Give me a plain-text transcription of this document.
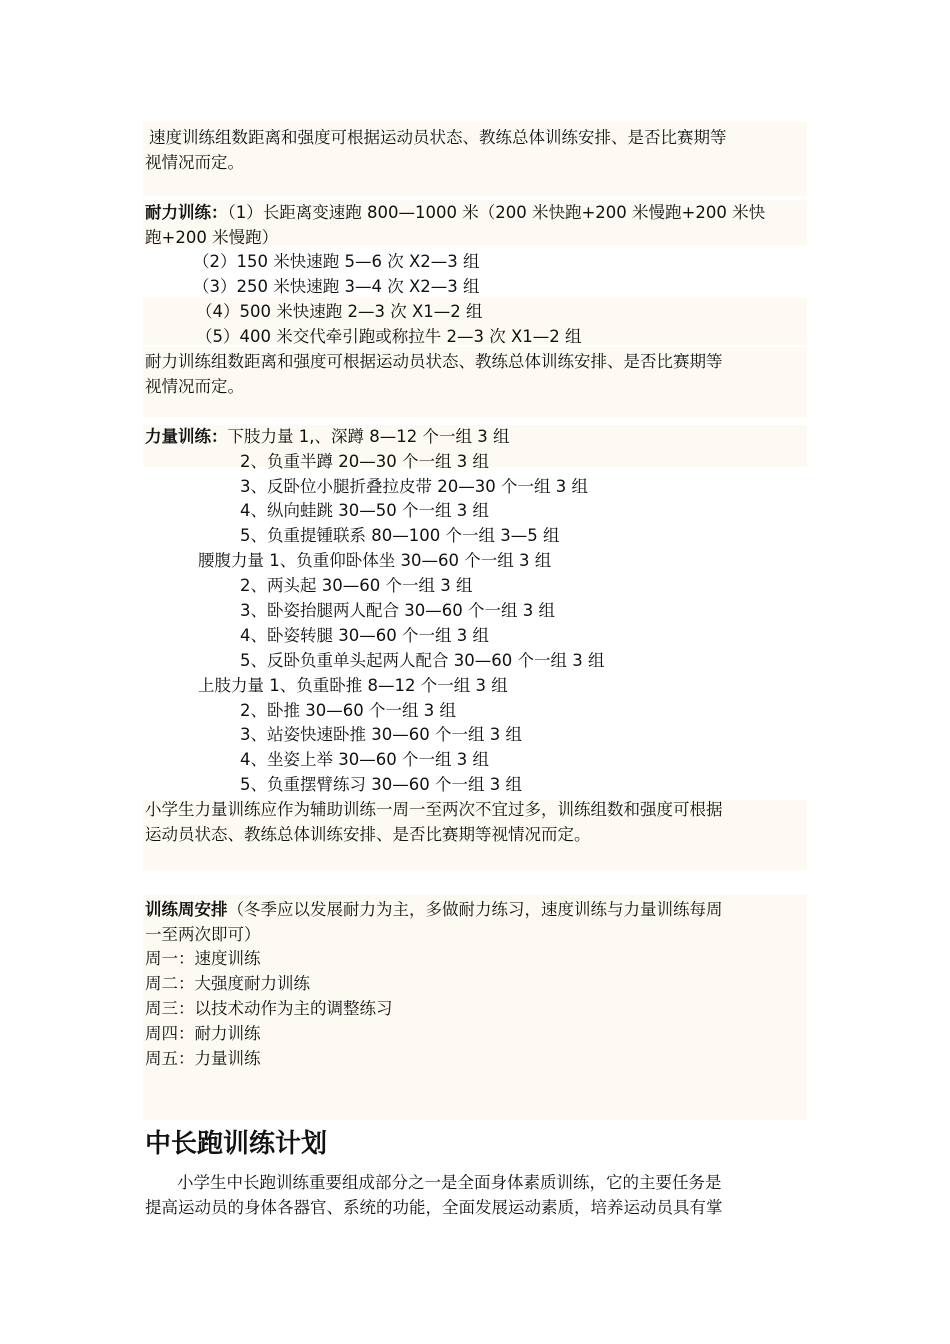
速度训练组数距离和强度可根据运动员状态、教练总体训练安排、是否比赛期等

视情况而定。

耐力训练：（1）长距离变速跑 800—1000 米（200 米快跑+200 米慢跑+200 米快

跑+200 米慢跑）

（2）150 米快速跑 5—6 次 X2—3 组

（3）250 米快速跑 3—4 次 X2—3 组

（4）500 米快速跑 2—3 次 X1—2 组

（5）400 米交代牵引跑或称拉牛 2—3 次 X1—2 组

耐力训练组数距离和强度可根据运动员状态、教练总体训练安排、是否比赛期等

视情况而定。

力量训练：下肢力量 1,、深蹲 8—12 个一组 3 组

2、负重半蹲 20—30 个一组 3 组

3、反卧位小腿折叠拉皮带 20—30 个一组 3 组

4、纵向蛙跳 30—50 个一组 3 组

5、负重提锺联系 80—100 个一组 3—5 组

腰腹力量 1、负重仰卧体坐 30—60 个一组 3 组

2、两头起 30—60 个一组 3 组

3、卧姿抬腿两人配合 30—60 个一组 3 组

4、卧姿转腿 30—60 个一组 3 组

5、反卧负重单头起两人配合 30—60 个一组 3 组

上肢力量 1、负重卧推 8—12 个一组 3 组

2、卧推 30—60 个一组 3 组

3、站姿快速卧推 30—60 个一组 3 组

4、坐姿上举 30—60 个一组 3 组

5、负重摆臂练习 30—60 个一组 3 组

小学生力量训练应作为辅助训练一周一至两次不宜过多，训练组数和强度可根据

运动员状态、教练总体训练安排、是否比赛期等视情况而定。

训练周安排（冬季应以发展耐力为主，多做耐力练习，速度训练与力量训练每周

一至两次即可）

周一：速度训练

周二：大强度耐力训练

周三：以技术动作为主的调整练习

周四：耐力训练

周五：力量训练

中长跑训练计划

小学生中长跑训练重要组成部分之一是全面身体素质训练，它的主要任务是

提高运动员的身体各器官、系统的功能，全面发展运动素质，培养运动员具有掌
